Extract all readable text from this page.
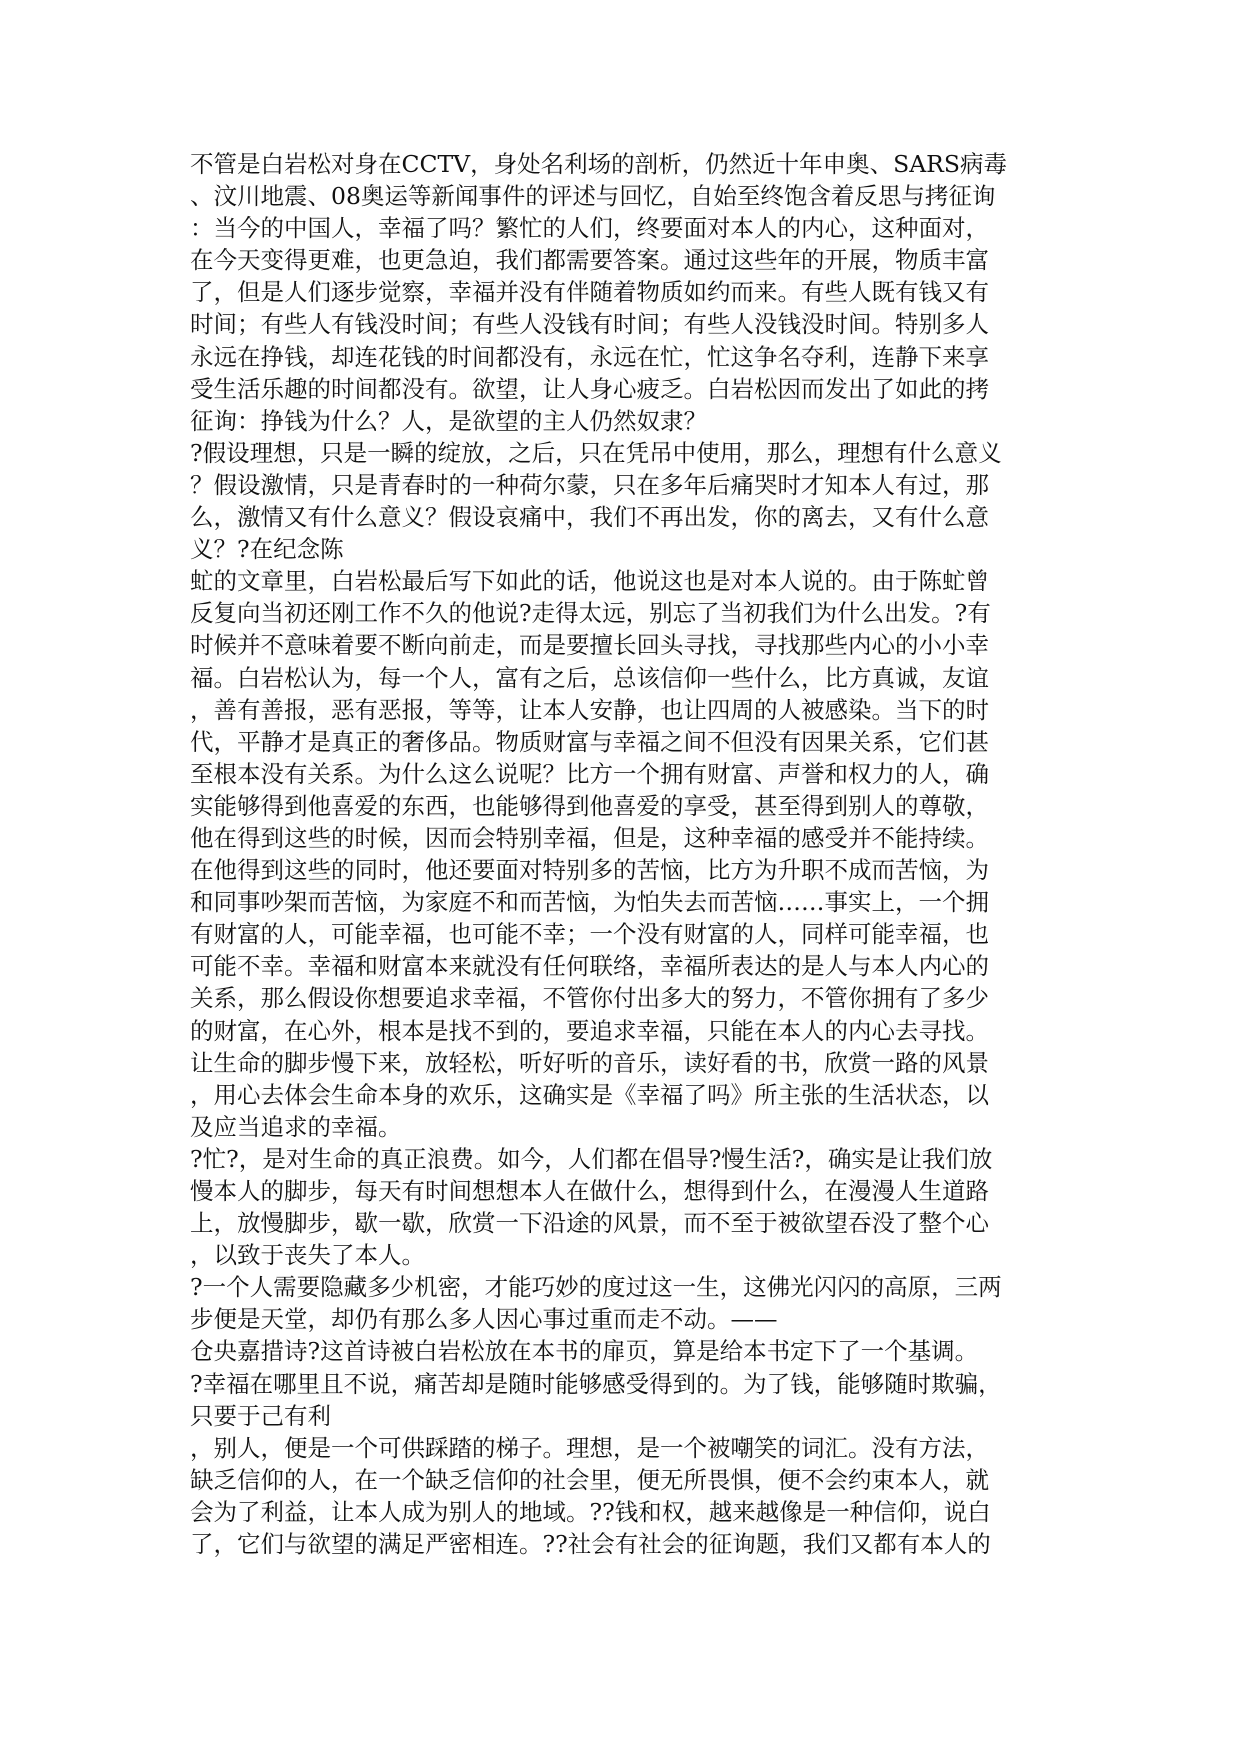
不管是白岩松对身在CCTV，身处名利场的剖析，仍然近十年申奥、SARS病毒
、汶川地震、08奥运等新闻事件的评述与回忆，自始至终饱含着反思与拷征询
：当今的中国人，幸福了吗？繁忙的人们，终要面对本人的内心，这种面对，
在今天变得更难，也更急迫，我们都需要答案。通过这些年的开展，物质丰富
了，但是人们逐步觉察，幸福并没有伴随着物质如约而来。有些人既有钱又有
时间；有些人有钱没时间；有些人没钱有时间；有些人没钱没时间。特别多人
永远在挣钱，却连花钱的时间都没有，永远在忙，忙这争名夺利，连静下来享
受生活乐趣的时间都没有。欲望，让人身心疲乏。白岩松因而发出了如此的拷
征询：挣钱为什么？人，是欲望的主人仍然奴隶？
?假设理想，只是一瞬的绽放，之后，只在凭吊中使用，那么，理想有什么意义
？假设激情，只是青春时的一种荷尔蒙，只在多年后痛哭时才知本人有过，那
么，激情又有什么意义？假设哀痛中，我们不再出发，你的离去，又有什么意
义？?在纪念陈
虻的文章里，白岩松最后写下如此的话，他说这也是对本人说的。由于陈虻曾
反复向当初还刚工作不久的他说?走得太远，别忘了当初我们为什么出发。?有
时候并不意味着要不断向前走，而是要擅长回头寻找，寻找那些内心的小小幸
福。白岩松认为，每一个人，富有之后，总该信仰一些什么，比方真诚，友谊
，善有善报，恶有恶报，等等，让本人安静，也让四周的人被感染。当下的时
代，平静才是真正的奢侈品。物质财富与幸福之间不但没有因果关系，它们甚
至根本没有关系。为什么这么说呢？比方一个拥有财富、声誉和权力的人，确
实能够得到他喜爱的东西，也能够得到他喜爱的享受，甚至得到别人的尊敬，
他在得到这些的时候，因而会特别幸福，但是，这种幸福的感受并不能持续。
在他得到这些的同时，他还要面对特别多的苦恼，比方为升职不成而苦恼，为
和同事吵架而苦恼，为家庭不和而苦恼，为怕失去而苦恼……事实上，一个拥
有财富的人，可能幸福，也可能不幸；一个没有财富的人，同样可能幸福，也
可能不幸。幸福和财富本来就没有任何联络，幸福所表达的是人与本人内心的
关系，那么假设你想要追求幸福，不管你付出多大的努力，不管你拥有了多少
的财富，在心外，根本是找不到的，要追求幸福，只能在本人的内心去寻找。
让生命的脚步慢下来，放轻松，听好听的音乐，读好看的书，欣赏一路的风景
，用心去体会生命本身的欢乐，这确实是《幸福了吗》所主张的生活状态，以
及应当追求的幸福。
?忙?，是对生命的真正浪费。如今，人们都在倡导?慢生活?，确实是让我们放
慢本人的脚步，每天有时间想想本人在做什么，想得到什么，在漫漫人生道路
上，放慢脚步，歇一歇，欣赏一下沿途的风景，而不至于被欲望吞没了整个心
，以致于丧失了本人。
?一个人需要隐藏多少机密，才能巧妙的度过这一生，这佛光闪闪的高原，三两
步便是天堂，却仍有那么多人因心事过重而走不动。——
仓央嘉措诗?这首诗被白岩松放在本书的扉页，算是给本书定下了一个基调。
?幸福在哪里且不说，痛苦却是随时能够感受得到的。为了钱，能够随时欺骗，
只要于己有利
，别人，便是一个可供踩踏的梯子。理想，是一个被嘲笑的词汇。没有方法，
缺乏信仰的人，在一个缺乏信仰的社会里，便无所畏惧，便不会约束本人，就
会为了利益，让本人成为别人的地域。??钱和权，越来越像是一种信仰，说白
了，它们与欲望的满足严密相连。??社会有社会的征询题，我们又都有本人的
